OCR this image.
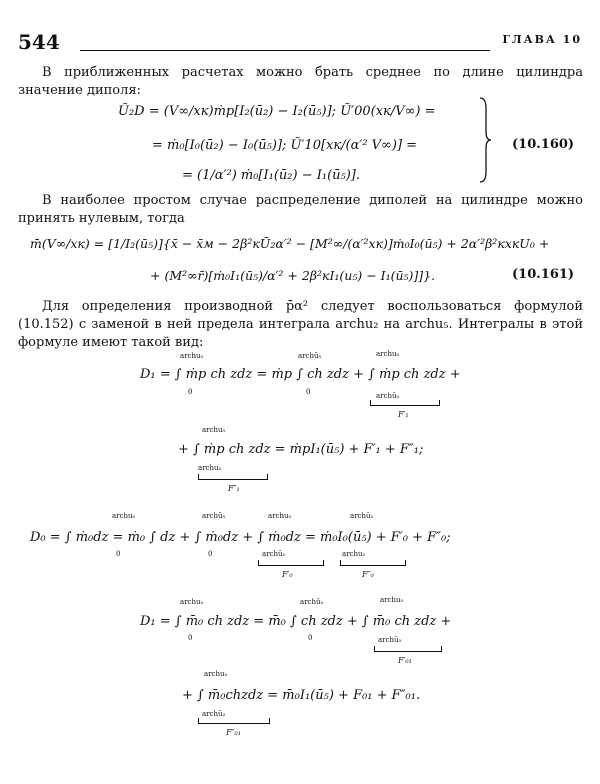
544	ГЛАВА 10
В приближенных расчетах можно брать среднее по длине цилиндра значение диполя:
Ũ₂D = (V∞/xк)ṁp[I₂(ū₂) − I₂(ū₅)]; Ũ′00(xк/V∞) =
= ṁ₀[I₀(ū₂) − I₀(ū₅)]; Ũ′10[xк/(α′² V∞)] =
= (1/α′²) ṁ₀[I₁(ū₂) − I₁(ū₅)].
(10.160)
В наиболее простом случае распределение диполей на цилиндре можно принять нулевым, тогда
m̄̇(V∞/xк) = [1/I₂(ū₅)]{x̄ − x̄м − 2β²кŪ₂α′² − [M²∞/(α′²xк)]ṁ₀I₀(ū₅) + 2α′²β²кxкU₀ +
+ (M²∞r̄)[ṁ₀I₁(ū₅)/α′² + 2β²кI₁(u₅) − I₁(ū₅)]]}.	(10.161)
Для определения производной p̄̇α² следует воспользоваться формулой (10.152) с заменой в ней предела интеграла archu₂ на archu₅. Интегралы в этой формуле имеют такой вид:
D₁ = ∫ ṁp ch zdz = ṁp ∫ ch zdz + ∫ ṁp ch zdz +
archu₅
0
archū₅
0
archu₅
archū₅
F′₁
+ ∫ ṁp ch zdz = ṁpI₁(ū₅) + F′₁ + F″₁;
archu₅
archu₂
F″₁
D₀ = ∫ ṁ₀dz = ṁ₀ ∫ dz + ∫ ṁ₀dz + ∫ ṁ₀dz = ṁ₀I₀(ū₅) + F′₀ + F″₀;
archu₅
0
archū₅
0
archu₅
archū₅
F′₀
archū₂
archu₂
F″₀
D₁ = ∫ m̄₀ ch zdz = m̄₀ ∫ ch zdz + ∫ m̄₀ ch zdz +
archu₅
0
archū₅
0
archu₅
archū₅
F′₀₁
+ ∫ m̄₀chzdz = m̄₀I₁(ū₅) + F₀₁ + F″₀₁.
archu₅
archū₂
F″₀₁
